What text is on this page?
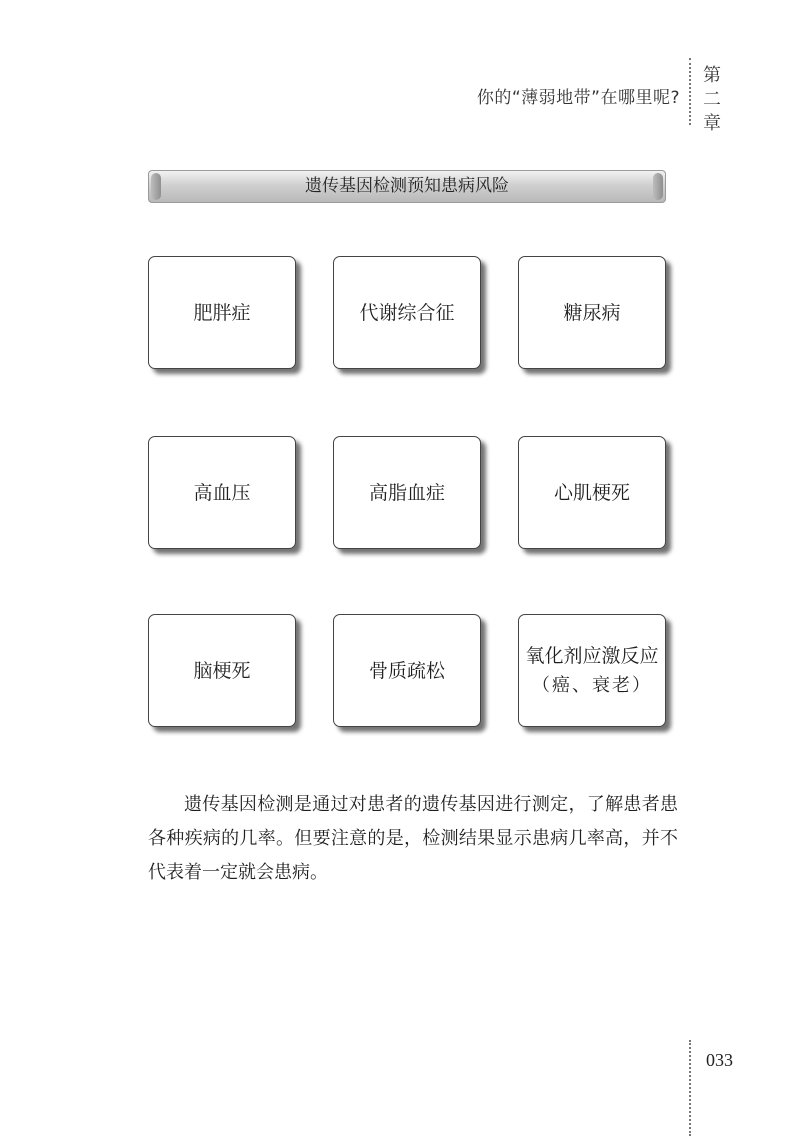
你的“薄弱地带”在哪里呢?
第二章
遗传基因检测预知患病风险
肥胖症	代谢综合征	糖尿病
高血压	高脂血症	心肌梗死
脑梗死	骨质疏松
氧化剂应激反应
（癌、衰老）

遗传基因检测是通过对患者的遗传基因进行测定，了解患者患各种疾病的几率。但要注意的是，检测结果显示患病几率高，并不代表着一定就会患病。

033
